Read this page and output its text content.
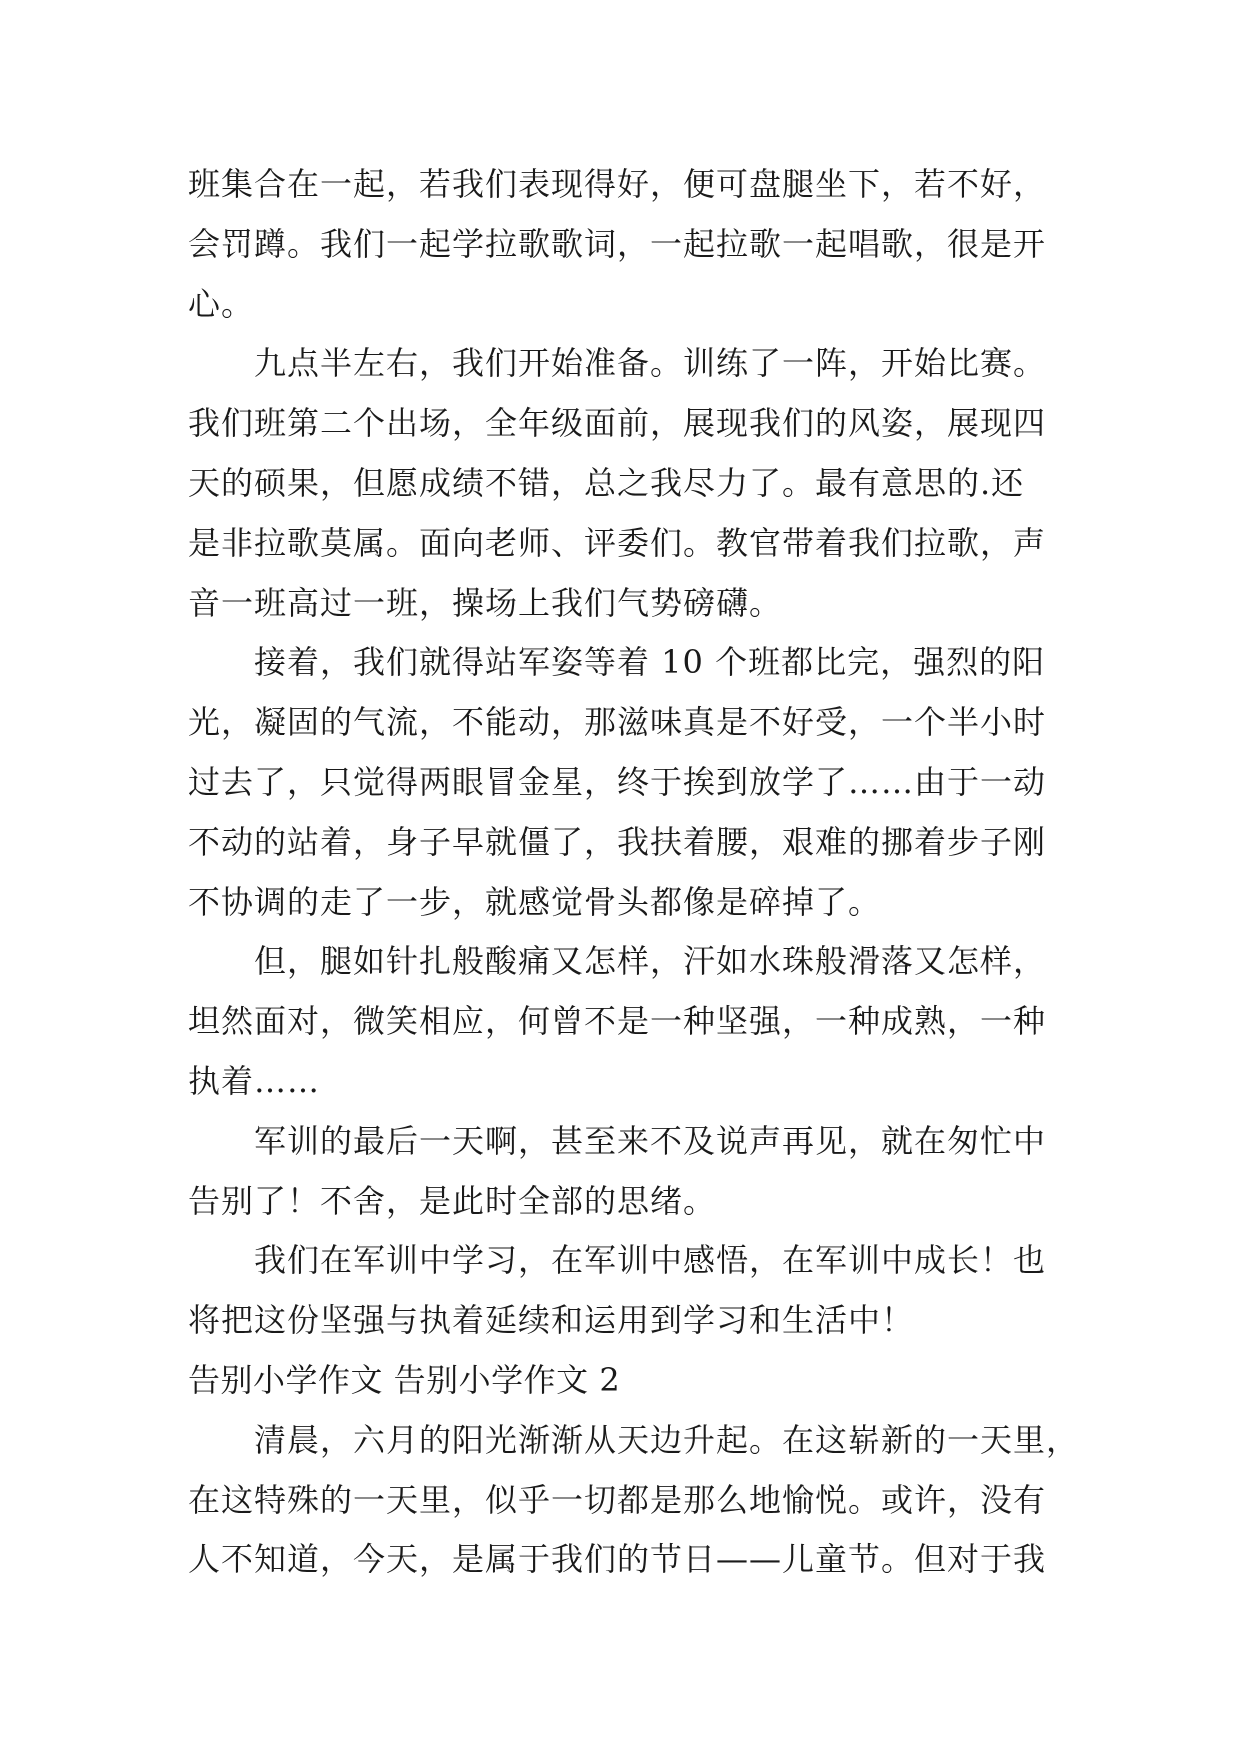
班集合在一起，若我们表现得好，便可盘腿坐下，若不好，
会罚蹲。我们一起学拉歌歌词，一起拉歌一起唱歌，很是开
心。
九点半左右，我们开始准备。训练了一阵，开始比赛。
我们班第二个出场，全年级面前，展现我们的风姿，展现四
天的硕果，但愿成绩不错，总之我尽力了。最有意思的.还
是非拉歌莫属。面向老师、评委们。教官带着我们拉歌，声
音一班高过一班，操场上我们气势磅礴。
接着，我们就得站军姿等着 10 个班都比完，强烈的阳
光，凝固的气流，不能动，那滋味真是不好受，一个半小时
过去了，只觉得两眼冒金星，终于挨到放学了……由于一动
不动的站着，身子早就僵了，我扶着腰，艰难的挪着步子刚
不协调的走了一步，就感觉骨头都像是碎掉了。
但，腿如针扎般酸痛又怎样，汗如水珠般滑落又怎样，
坦然面对，微笑相应，何曾不是一种坚强，一种成熟，一种
执着……
军训的最后一天啊，甚至来不及说声再见，就在匆忙中
告别了！不舍，是此时全部的思绪。
我们在军训中学习，在军训中感悟，在军训中成长！也
将把这份坚强与执着延续和运用到学习和生活中！
告别小学作文 告别小学作文 2
清晨，六月的阳光渐渐从天边升起。在这崭新的一天里，
在这特殊的一天里，似乎一切都是那么地愉悦。或许，没有
人不知道，今天，是属于我们的节日——儿童节。但对于我
